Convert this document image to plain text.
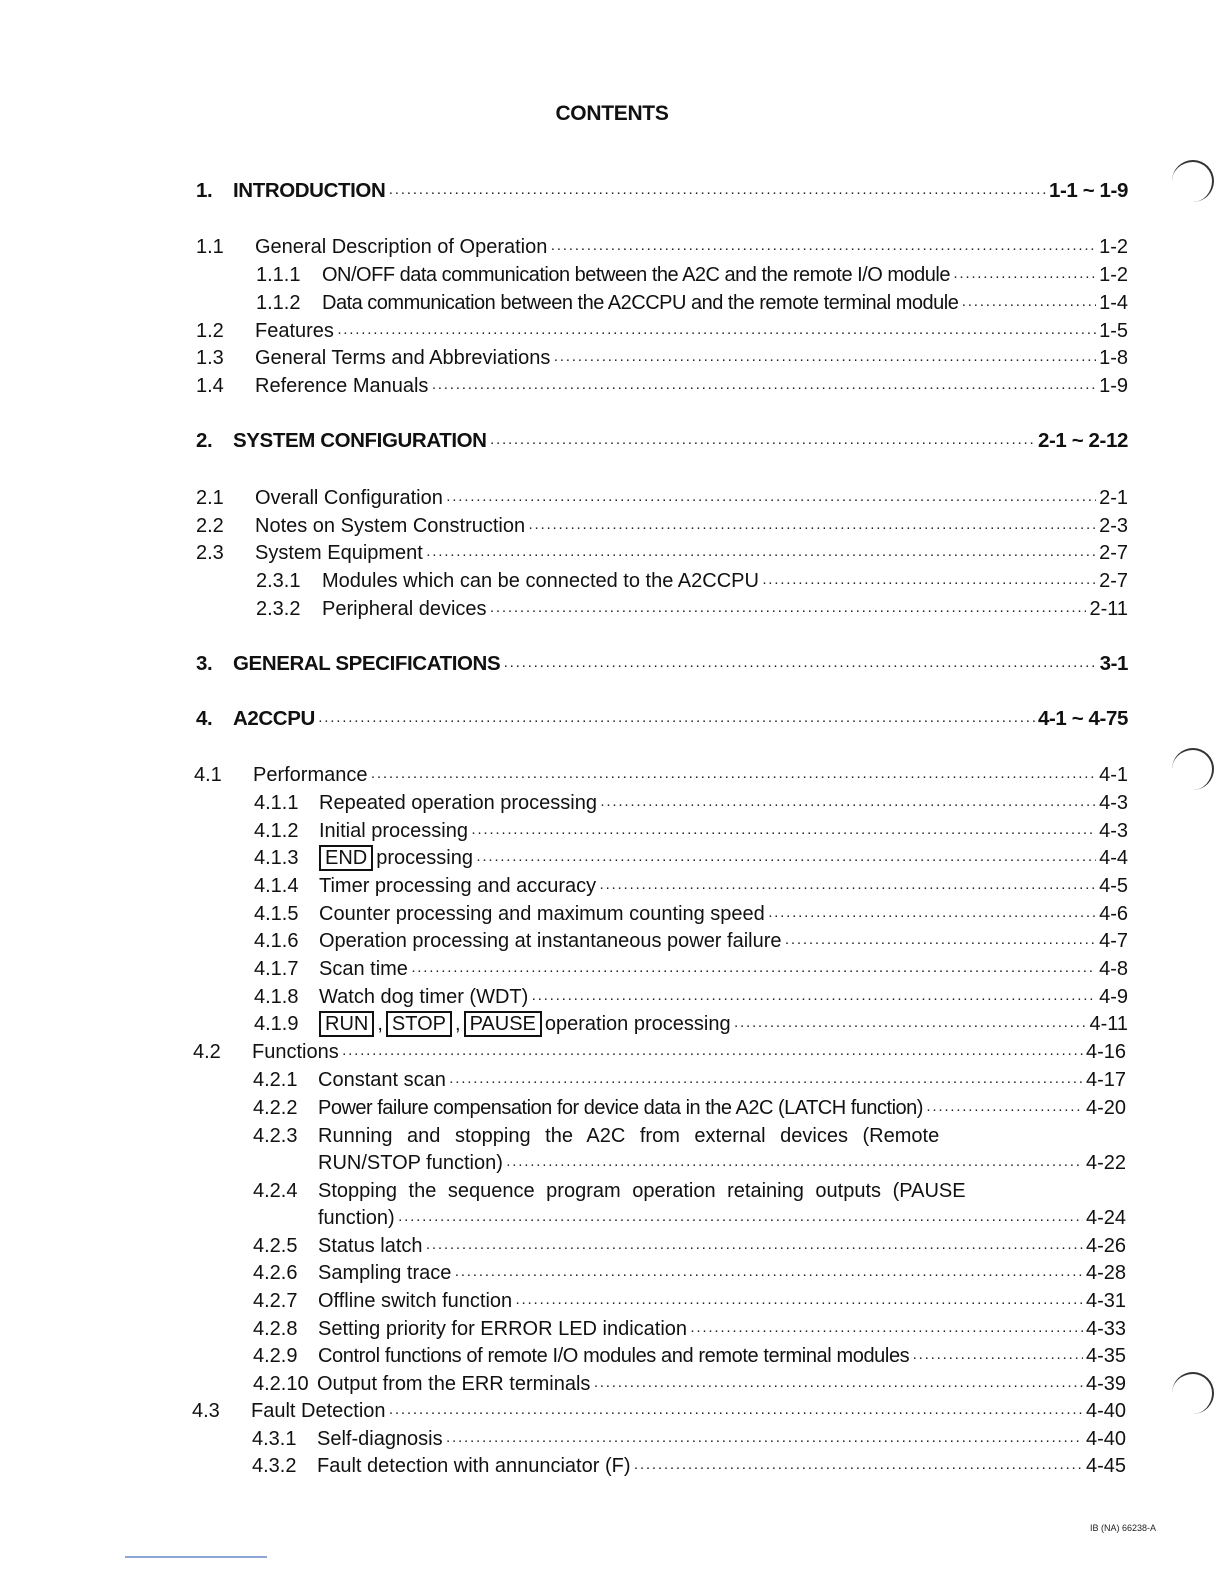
CONTENTS
1. INTRODUCTION ·····	1-1 ~ 1-9
1.1 General Description of Operation ·····	1-2
1.1.1 ON/OFF data communication between the A2C and the remote I/O module ·····	1-2
1.1.2 Data communication between the A2CCPU and the remote terminal module ·····	1-4
1.2 Features ·····	1-5
1.3 General Terms and Abbreviations ·····	1-8
1.4 Reference Manuals ·····	1-9
2. SYSTEM CONFIGURATION ·····	2-1 ~ 2-12
2.1 Overall Configuration ·····	2-1
2.2 Notes on System Construction ·····	2-3
2.3 System Equipment ·····	2-7
2.3.1 Modules which can be connected to the A2CCPU ·····	2-7
2.3.2 Peripheral devices ·····	2-11
3. GENERAL SPECIFICATIONS ·····	3-1
4. A2CCPU ·····	4-1 ~ 4-75
4.1 Performance ·····	4-1
4.1.1 Repeated operation processing ·····	4-3
4.1.2 Initial processing ·····	4-3
4.1.3	END processing ·····	4-4
4.1.4 Timer processing and accuracy ·····	4-5
4.1.5 Counter processing and maximum counting speed ·····	4-6
4.1.6 Operation processing at instantaneous power failure ·····	4-7
4.1.7 Scan time ·····	4-8
4.1.8 Watch dog timer (WDT) ·····	4-9
4.1.9	RUN , STOP , PAUSE operation processing ·····	4-11
4.2 Functions ·····	4-16
4.2.1 Constant scan ·····	4-17
4.2.2 Power failure compensation for device data in the A2C (LATCH function) ·····	4-20
4.2.3 Running and stopping the A2C from external devices (Remote
RUN/STOP function) ·····	4-22
4.2.4 Stopping the sequence program operation retaining outputs (PAUSE
function) ·····	4-24
4.2.5 Status latch ·····	4-26
4.2.6 Sampling trace ·····	4-28
4.2.7 Offline switch function ·····	4-31
4.2.8 Setting priority for ERROR LED indication ·····	4-33
4.2.9 Control functions of remote I/O modules and remote terminal modules ·····	4-35
4.2.10 Output from the ERR terminals ·····	4-39
4.3 Fault Detection ·····	4-40
4.3.1 Self-diagnosis ·····	4-40
4.3.2 Fault detection with annunciator (F) ·····	4-45
IB (NA) 66238-A
